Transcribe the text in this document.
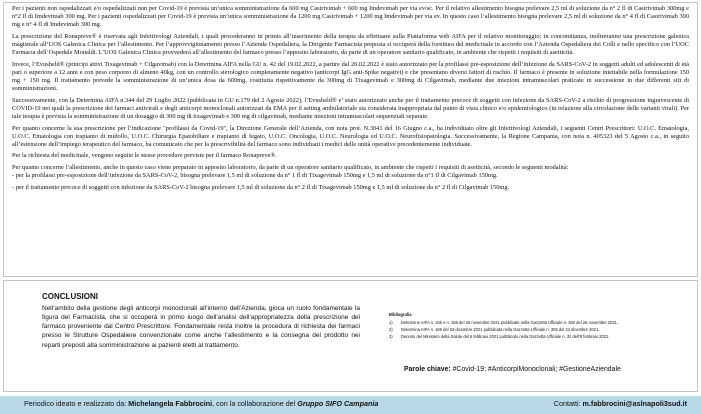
Per i pazienti non ospedalizzati e/o ospedalizzati non per Covid-19 è prevista un’unica somministrazione da 600 mg Casirivimab + 600 mg Imdevimab per via ev/sc. Per il relativo allestimento bisogna prelevare 2,5 ml di soluzione da n° 2 fl di Casirivimab 300mg e n°2 fl di Imdevimab 300 mg. Per i pazienti ospedalizzati per Covid-19 è prevista un’unica somministrazione da 1200 mg Casirivimab + 1200 mg Imdevimab per via ev. In questo caso l’allestimento bisogna prelevare 2,5 ml di soluzione da n° 4 fl di Casirivimab 300 mg e n° 4 fl di Imdevimab 300 mg.

La prescrizione del Ronapreve® è riservata agli Infettivologi Aziendali, i quali procederanno in primis all’inserimento della terapia da effettuare sulla Piattaforma web AIFA per il relativo monitoraggio; in concomitanza, inoltreranno una prescrizione galenica magistrale all’UOS Galenica Clinica per l’allestimento. Per l’approvvigionamento presso l’Azienda Ospedaliera, la Dirigente Farmacista preposta si occuperà della fornitura del medicinale in accordo con l’Azienda Ospedaliera dei Colli e nello specifico con l’UOC Farmacia dell’Ospedale Monaldi. L’UOS Galenica Clinica provvederà all’allestimento del farmaco presso l’apposito laboratorio, da parte di un operatore sanitario qualificato, in ambiente che rispetti i requisiti di asetticità.

Invece, l’Evusheld® (principi attivi Tixagevimab + Cilgavimab) con la Determina AIFA nella GU n. 42 del 19.02.2022, a partire dal 20.02.2022 è stato autorizzato per la profilassi pre-esposizione dell’infezione da SARS-CoV-2 in soggetti adulti ed adolescenti di età pari o superiore a 12 anni e con peso corporeo di almeno 40kg, con un controllo sierologico completamente negativo (anticorpi IgG anti-Spike negativi) e che presentano diversi fattori di rischio. Il farmaco è presente in soluzione iniettabile nella formulazione 150 mg + 150 mg. Il trattamento prevede la somministrazione di un’unica dosa da 600mg, costituita rispettivamente da 300mg di Tixagevimab e 300mg di Cilgavimab, mediante due iniezioni intramuscolari praticate in successione in due differenti siti di somministrazioni.

Successivamente, con la Determina AIFA n.344 del 29 Luglio 2022 (pubblicata in GU n.179 del 2 Agosto 2022), l’Evusheld® e’ stato autorizzato anche per il trattamento precoce di soggetti con infezione da SARS-CoV-2 a rischio di progressione ingravescente di COVID-19 nei quali la prescrizione dei farmaci antivirali e degli anticorpi monoclonali autorizzati da EMA per il setting ambulatoriale sia considerata inappropriata dal punto di vista clinico e/o epidemiologico (in relazione alla circolazione delle varianti virali). Per tale terapia è prevista la somministrazione di un dosaggio di 300 mg di tixagevimab e 300 mg di cilgavimab, mediante iniezioni intramuscolari sequenziali separate.

Per quanto concerne la sua prescrizione per l’indicazione "profilassi da Covid-19", la Direzione Generale dell’Azienda, con nota prot. N.3041 del 16 Giugno c.a., ha individuato oltre gli Infettivologi Aziendali, i seguenti Centri Prescrittori: U.O.C. Ematologia, U.O.C. Ematologia con trapianto di midollo, U.O.C. Chirurgia Epatobiliare e trapianto di fegato, U.O.C. Oncologia, U.O.C. Neurologia ed U.O.C. Neurofisiopatologia. Successivamente, la Regione Campania, con nota n. 405323 del 5 Agosto c.a., in seguito all’estensione dell’impiego terapeutico del farmaco, ha comunicato che per la prescrivibilità del farmaco sono individuati i medici delle unità operative precedentemente individuate.

Per la richiesta del medicinale, vengono seguite le stesse procedure previste per il farmaco Ronapreve®.

Per quanto concerne l’allestimento, anche in questo caso viene preparato in apposito laboratorio, da parte di un operatore sanitario qualificato, in ambiente che rispetti i requisiti di asetticità, secondo le seguenti modalità:

- per la profilassi pre-esposizione dell’infezione da SARS-CoV-2, bisogna prelevare 1,5 ml di soluzione da n° 1 fl di Tixagevimab 150mg e 1,5 ml di soluzione da n°1 fl di Cilgavimab 150mg.

- per il trattamento precoce di soggetti con infezione da SARS-CoV-2 bisogna prelevare 1,5 ml di soluzione da n° 2 fl di Tixagevimab 150mg e 1,5 ml di soluzione da n° 2 fl di Cilgavimab 150mg.

CONCLUSIONI
Nell’ambito della gestione degli anticorpi monoclonali all’interno dell’Azienda, gioca un ruolo fondamentale la figura del Farmacista, che si occuperà in primo luogo dell’analisi dell’appropriatezza della prescrizione del farmaco proveniente dal Centro Prescrittore. Fondamentale resta inoltre la procedura di richiesta dei farmaci presso le Strutture Ospedaliere convenzionate come anche l’allestimento e la consegna del prodotto nei reparti preposti alla somministrazione ai pazienti eletti al trattamento.
Bibliografia
1)	Determine AIFA n. 155 e n. 156 del 25 novembre 2021 pubblicate nella Gazzetta Ufficiale n. 282 del 26 novembre 2021.
2)	Determina AIFA n. 169 del 23 dicembre 2021 pubblicata nella Gazzetta Ufficiale n. 305 del 24 dicembre 2021.
3)	Decreto del Ministero della Salute del 6 febbraio 2021 pubblicato nella Gazzetta Ufficiale n. 32 dell’8 febbraio 2021.
Parole chiave: #Covid-19; #AnticorpiMonoclonali; #GestioneAziendale
Periodico ideato e realizzato da: Michelangela Fabbrocini, con la collaborazione del Gruppo SIFO Campania	Contatti: m.fabbrocini@aslnapoli3sud.it
